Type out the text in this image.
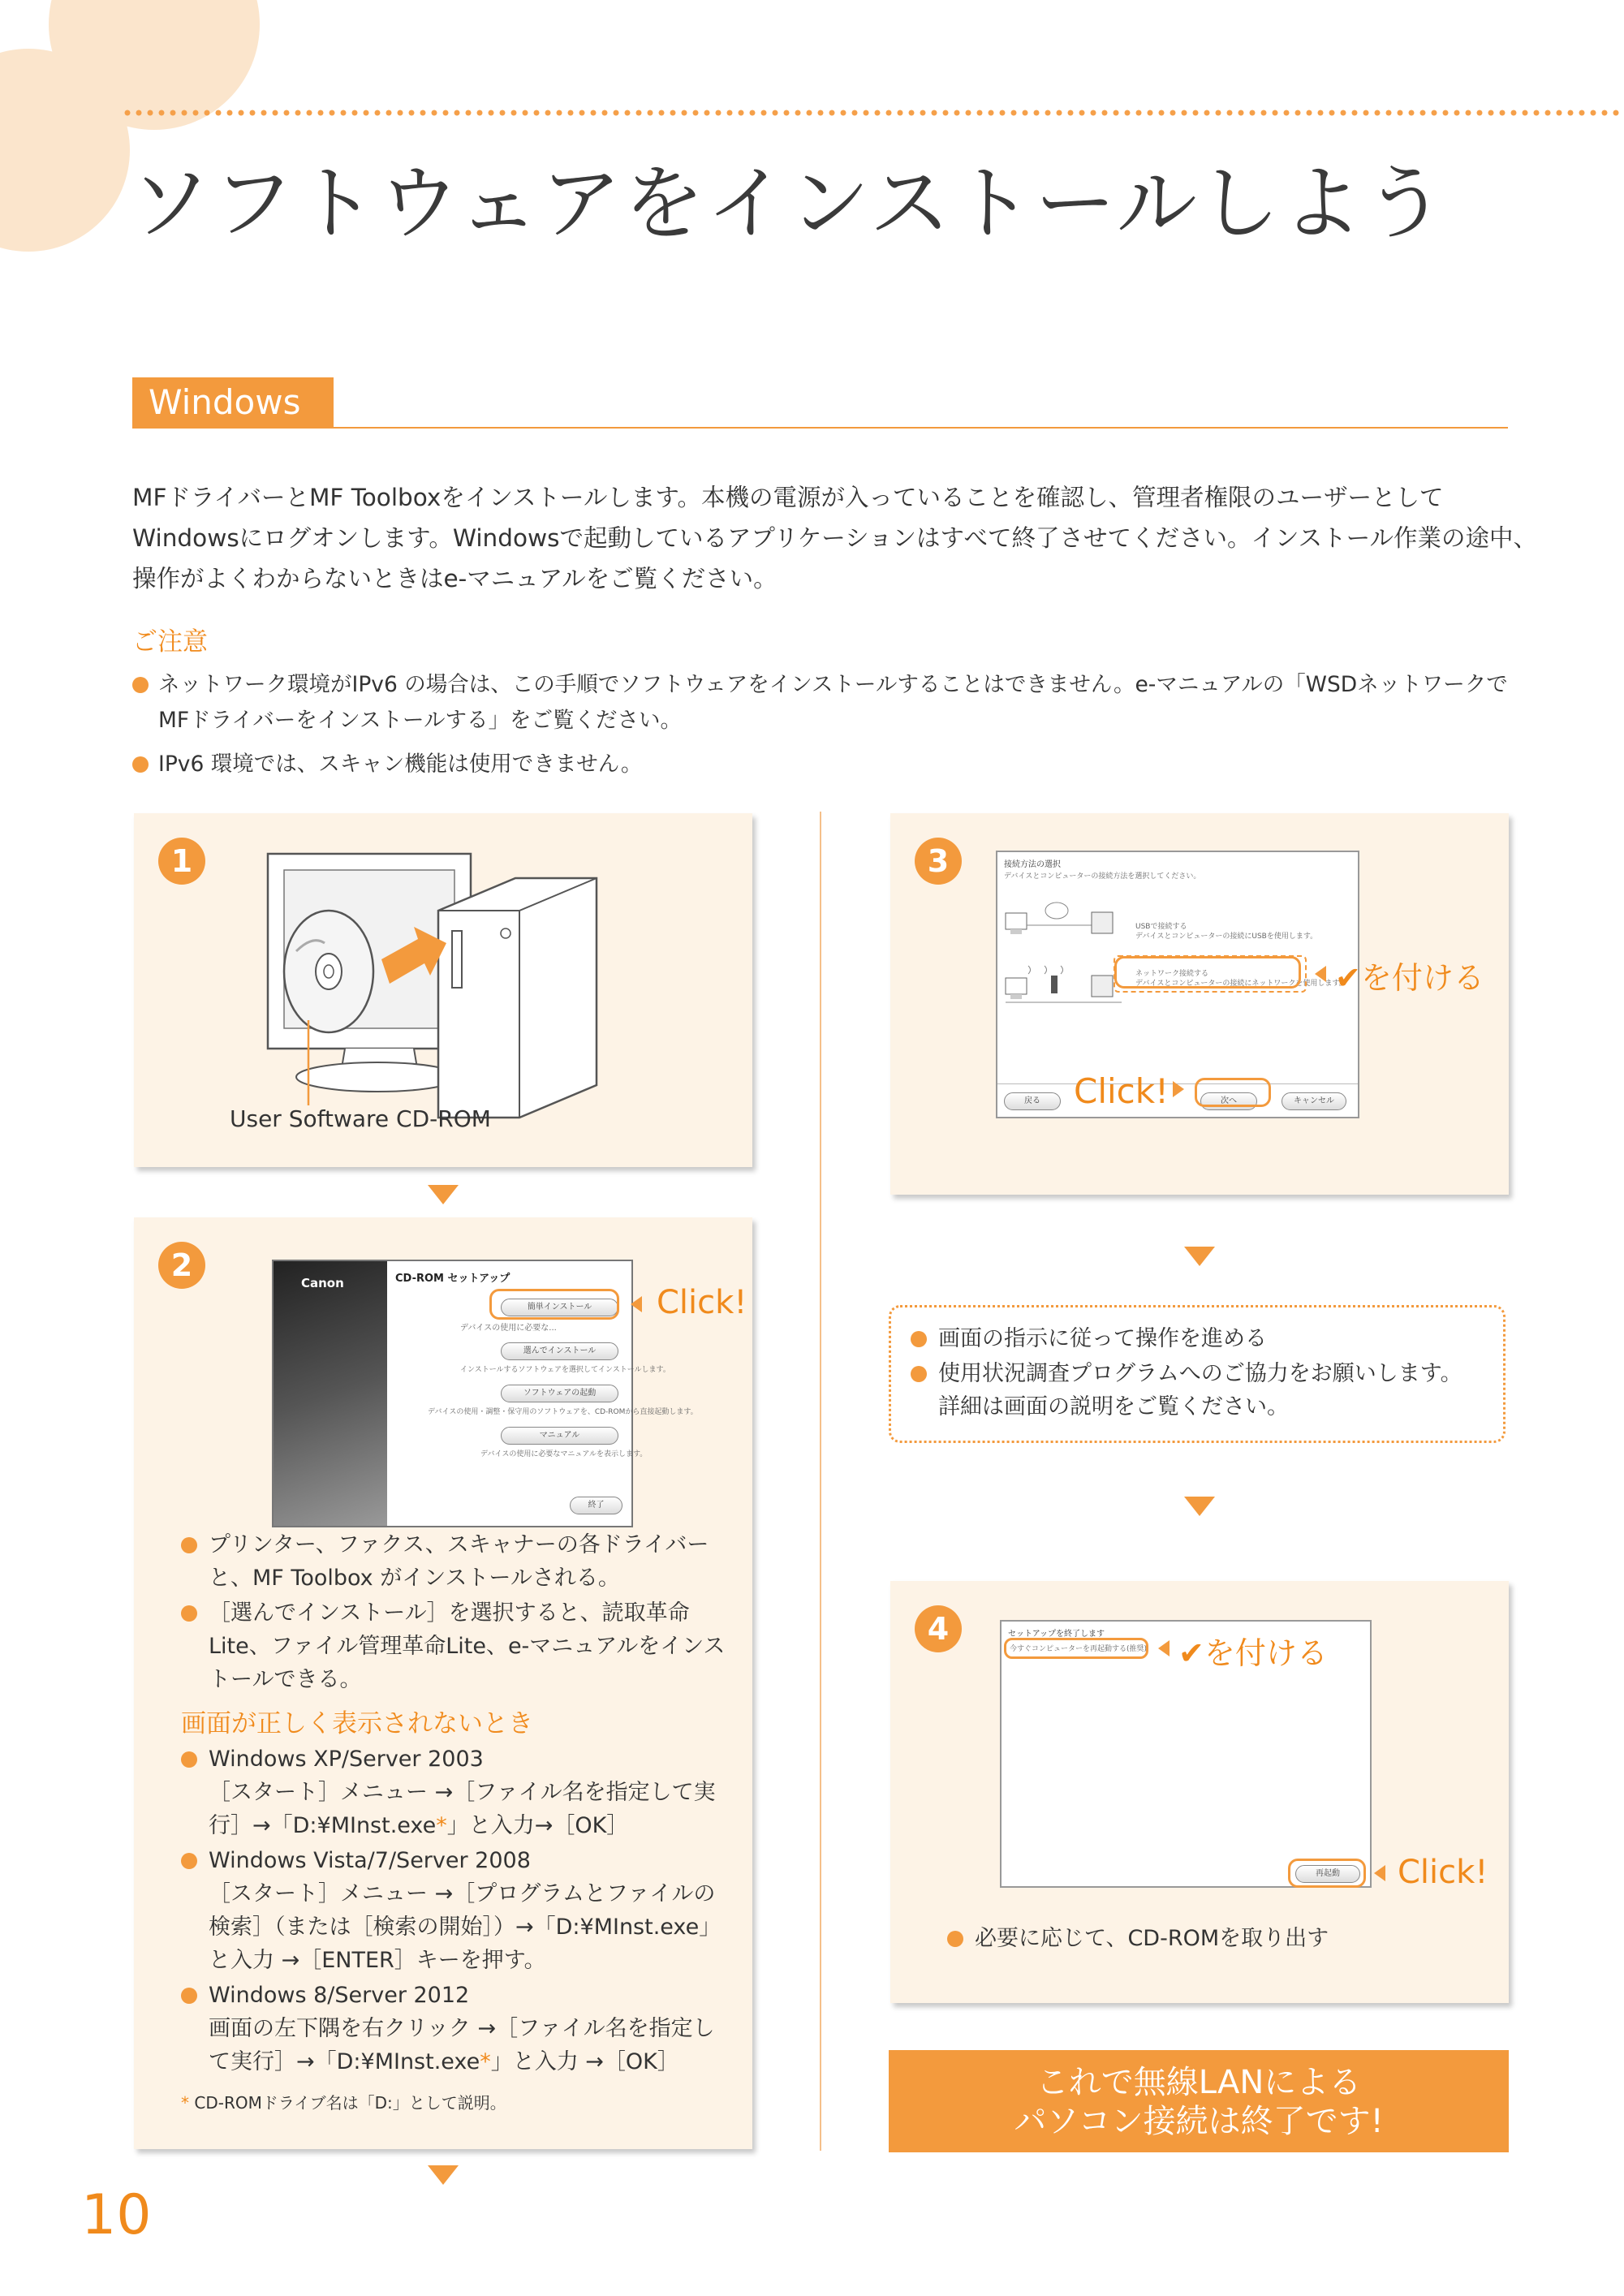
ソフトウェアをインストールしよう
Windows

MFドライバーとMF Toolboxをインストールします。本機の電源が入っていることを確認し、管理者権限のユーザーとして

Windowsにログオンします。Windowsで起動しているアプリケーションはすべて終了させてください。インストール作業の途中、

操作がよくわからないときはe-マニュアルをご覧ください。

ご注意
ネットワーク環境がIPv6 の場合は、この手順でソフトウェアをインストールすることはできません。e-マニュアルの「WSDネットワークでMFドライバーをインストールする」をご覧ください。
IPv6 環境では、スキャン機能は使用できません。
1
User Software CD-ROM
2	Canon	CD-ROM セットアップ
簡単インストール
デバイスの使用に必要な...
選んでインストール
インストールするソフトウェアを選択してインストールします。
ソフトウェアの起動
デバイスの使用・調整・保守用のソフトウェアを、CD-ROMから直接起動します。
マニュアル
デバイスの使用に必要なマニュアルを表示します。
終了
Click!
プリンター、ファクス、スキャナーの各ドライバーと、MF Toolbox がインストールされる。
［選んでインストール］を選択すると、読取革命Lite、ファイル管理革命Lite、e-マニュアルをインストールできる。
画面が正しく表示されないとき
Windows XP/Server 2003
［スタート］メニュー →［ファイル名を指定して実
行］→「D:¥MInst.exe*」と入力→［OK］
Windows Vista/7/Server 2008
［スタート］メニュー →［プログラムとファイルの
検索］（または［検索の開始］）→「D:¥MInst.exe」
と入力 →［ENTER］キーを押す。
Windows 8/Server 2012
画面の左下隅を右クリック →［ファイル名を指定し
て実行］→「D:¥MInst.exe*」と入力 →［OK］
* CD-ROMドライブ名は「D:」として説明。
3	接続方法の選択
デバイスとコンピューターの接続方法を選択してください。
USBで接続する
デバイスとコンピューターの接続にUSBを使用します。
ネットワーク接続する
デバイスとコンピューターの接続にネットワークを使用します。
戻る	次へ	キャンセル
✔を付ける
Click!
画面の指示に従って操作を進める
使用状況調査プログラムへのご協力をお願いします。詳細は画面の説明をご覧ください。
4	セットアップを終了します
今すぐコンピューターを再起動する(推奨)
再起動
✔を付ける
Click!
必要に応じて、CD-ROMを取り出す
これで無線LANによる
パソコン接続は終了です!
10
